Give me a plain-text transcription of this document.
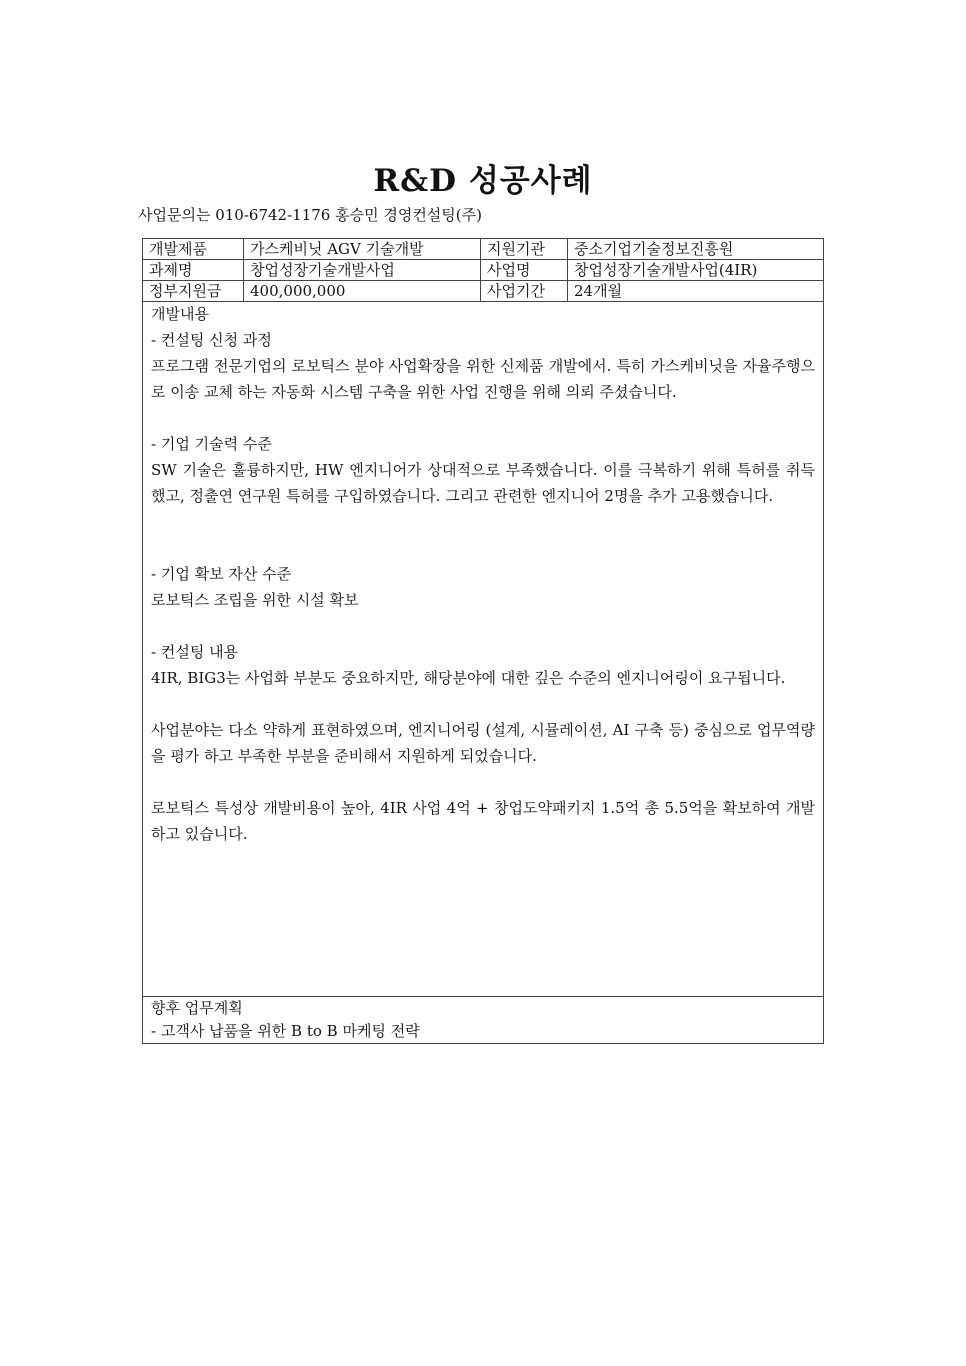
R&D 성공사례
사업문의는 010-6742-1176 홍승민 경영컨설팅(주)
개발제품	가스케비닛 AGV 기술개발	지원기관	중소기업기술정보진흥원
과제명	창업성장기술개발사업	사업명	창업성장기술개발사업(4IR)
정부지원금	400,000,000	사업기간	24개월
개발내용
- 컨설팅 신청 과정
프로그램 전문기업의 로보틱스 분야 사업확장을 위한 신제품 개발에서. 특히 가스케비닛을 자율주행으로 이송 교체 하는 자동화 시스템 구축을 위한 사업 진행을 위해 의뢰 주셨습니다.
- 기업 기술력 수준
SW 기술은 훌륭하지만, HW 엔지니어가 상대적으로 부족했습니다. 이를 극복하기 위해 특허를 취득했고, 정출연 연구원 특허를 구입하였습니다. 그리고 관련한 엔지니어 2명을 추가 고용했습니다.
- 기업 확보 자산 수준
로보틱스 조립을 위한 시설 확보
- 컨설팅 내용
4IR, BIG3는 사업화 부분도 중요하지만, 해당분야에 대한 깊은 수준의 엔지니어링이 요구됩니다.
사업분야는 다소 약하게 표현하였으며, 엔지니어링 (설계, 시뮬레이션, AI 구축 등) 중심으로 업무역량을 평가 하고 부족한 부분을 준비해서 지원하게 되었습니다.
로보틱스 특성상 개발비용이 높아, 4IR 사업 4억 + 창업도약패키지 1.5억 총 5.5억을 확보하여 개발하고 있습니다.
향후 업무계획
- 고객사 납품을 위한 B to B 마케팅 전략
